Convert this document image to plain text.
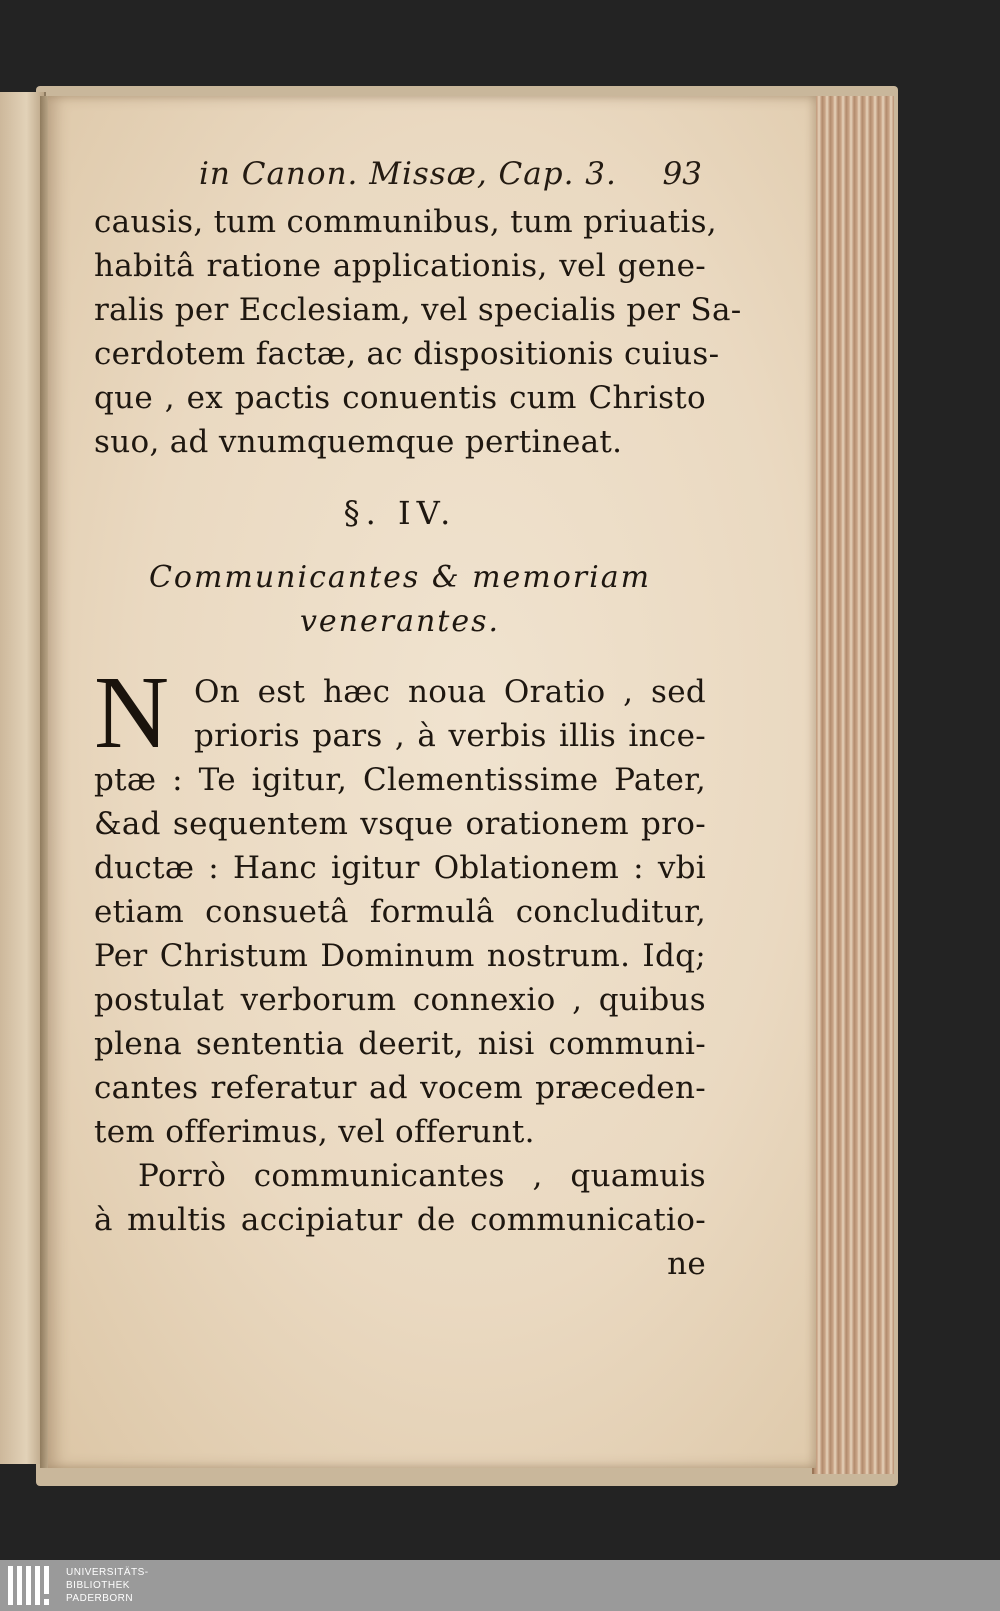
in Canon. Missæ, Cap. 3. 93
causis, tum communibus, tum priuatis,
habitâ ratione applicationis, vel gene-
ralis per Ecclesiam, vel specialis per Sa-
cerdotem factæ, ac dispositionis cuius-
que , ex pactis conuentis cum Christo
suo, ad vnumquemque pertineat.
§. IV.
Communicantes & memoriam
venerantes.
N On est hæc noua Oratio , sed
prioris pars , à verbis illis ince-
ptæ : Te igitur, Clementissime Pater,
&ad sequentem vsque orationem pro-
ductæ : Hanc igitur Oblationem : vbi
etiam consuetâ formulâ concluditur,
Per Christum Dominum nostrum. Idq;
postulat verborum connexio , quibus
plena sententia deerit, nisi communi-
cantes referatur ad vocem præceden-
tem offerimus, vel offerunt.
Porrò communicantes , quamuis
à multis accipiatur de communicatio-
ne
UNIVERSITÄTS-
BIBLIOTHEK
PADERBORN
